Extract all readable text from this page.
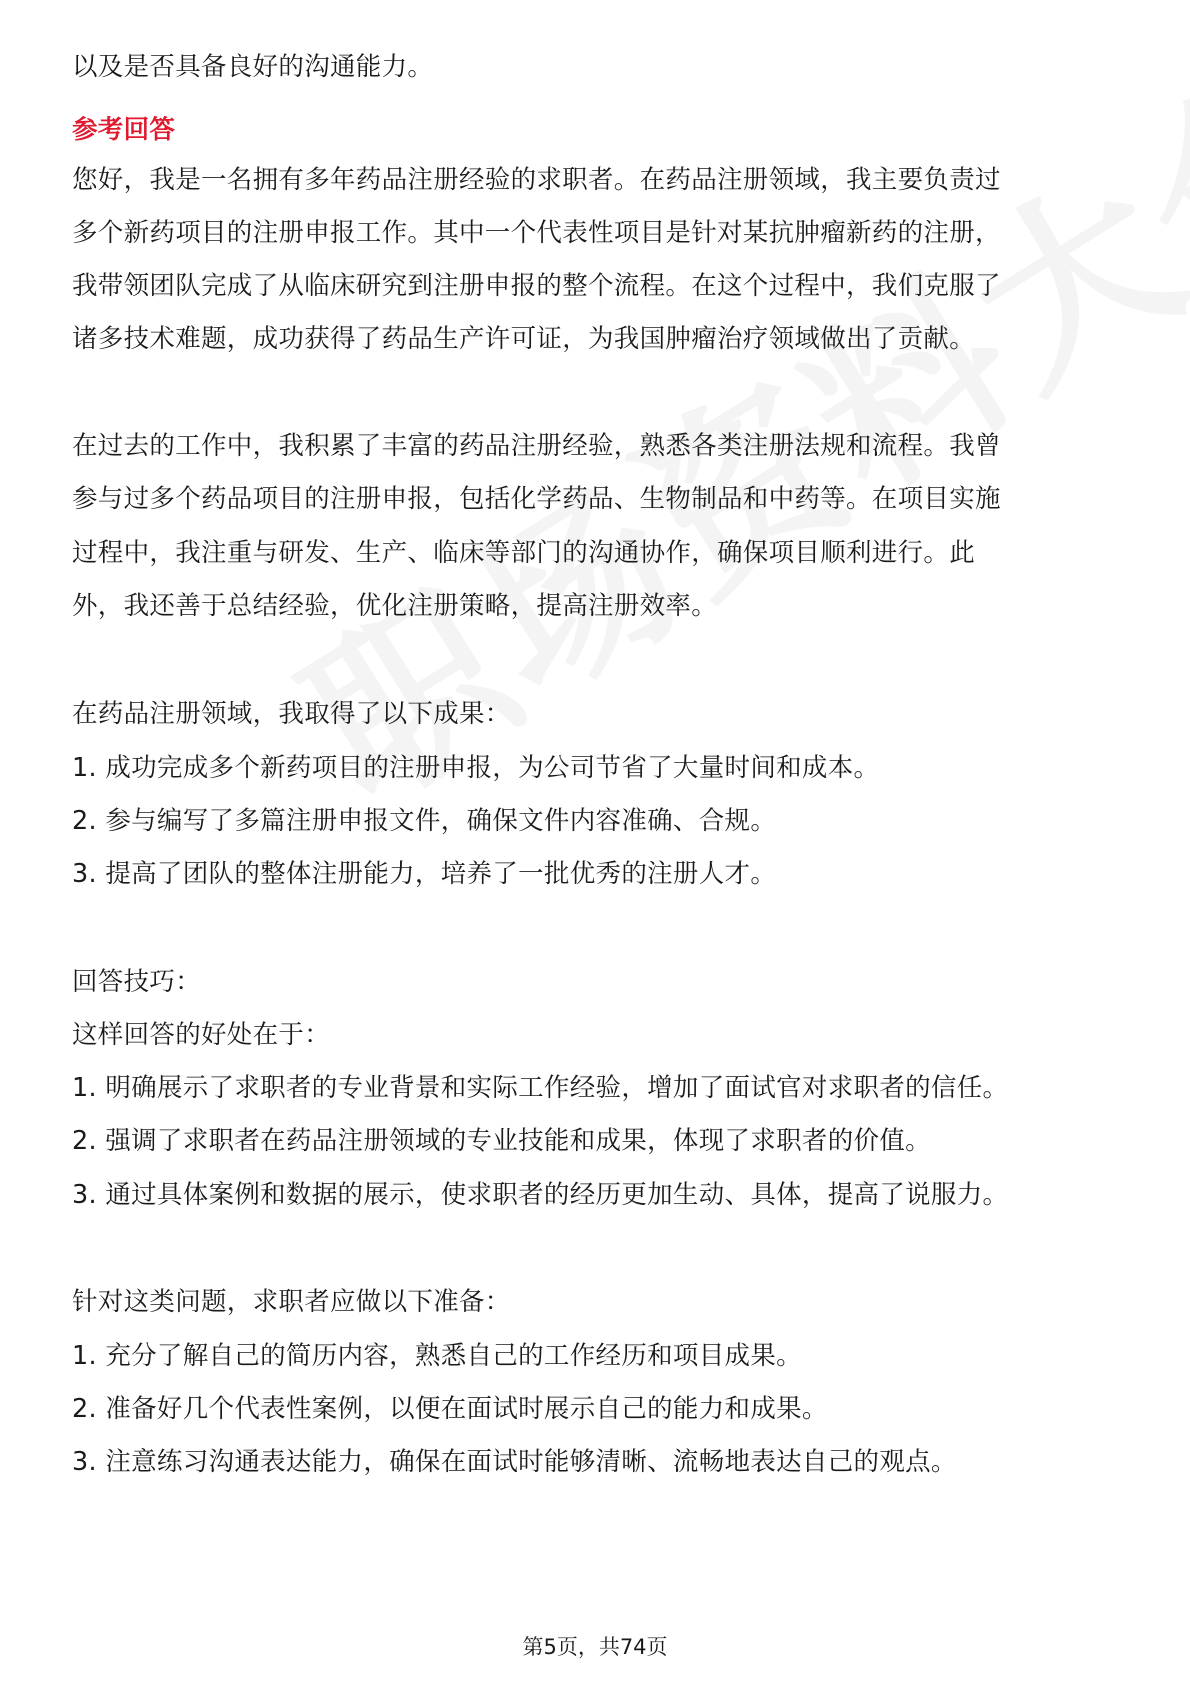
以及是否具备良好的沟通能力。
参考回答
您好，我是一名拥有多年药品注册经验的求职者。在药品注册领域，我主要负责过
多个新药项目的注册申报工作。其中一个代表性项目是针对某抗肿瘤新药的注册，
我带领团队完成了从临床研究到注册申报的整个流程。在这个过程中，我们克服了
诸多技术难题，成功获得了药品生产许可证，为我国肿瘤治疗领域做出了贡献。
在过去的工作中，我积累了丰富的药品注册经验，熟悉各类注册法规和流程。我曾
参与过多个药品项目的注册申报，包括化学药品、生物制品和中药等。在项目实施
过程中，我注重与研发、生产、临床等部门的沟通协作，确保项目顺利进行。此
外，我还善于总结经验，优化注册策略，提高注册效率。
在药品注册领域，我取得了以下成果：
1. 成功完成多个新药项目的注册申报，为公司节省了大量时间和成本。
2. 参与编写了多篇注册申报文件，确保文件内容准确、合规。
3. 提高了团队的整体注册能力，培养了一批优秀的注册人才。
回答技巧：
这样回答的好处在于：
1. 明确展示了求职者的专业背景和实际工作经验，增加了面试官对求职者的信任。
2. 强调了求职者在药品注册领域的专业技能和成果，体现了求职者的价值。
3. 通过具体案例和数据的展示，使求职者的经历更加生动、具体，提高了说服力。
针对这类问题，求职者应做以下准备：
1. 充分了解自己的简历内容，熟悉自己的工作经历和项目成果。
2. 准备好几个代表性案例，以便在面试时展示自己的能力和成果。
3. 注意练习沟通表达能力，确保在面试时能够清晰、流畅地表达自己的观点。
第5页，共74页
